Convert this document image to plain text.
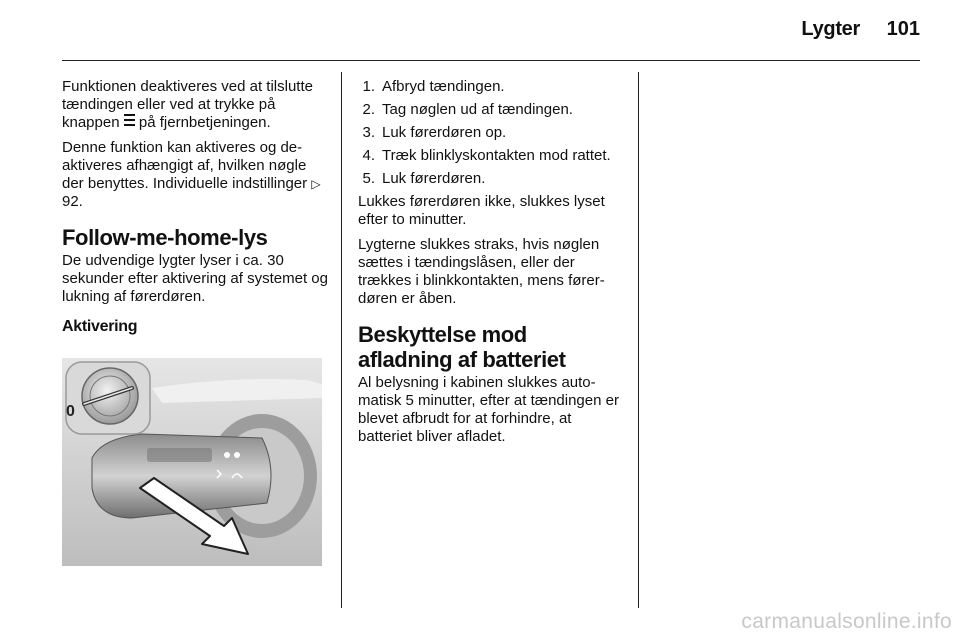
Lygter	101

Funktionen deaktiveres ved at tilslutte tændingen eller ved at trykke på knappen  på fjernbetjeningen.

Denne funktion kan aktiveres og deaktiveres afhængigt af, hvilken nøgle der benyttes. Individuelle indstillinger ▷ 92.

Follow-me-home-lys

De udvendige lygter lyser i ca. 30 sekunder efter aktivering af systemet og lukning af førerdøren.

Aktivering
0
1. Afbryd tændingen.
2. Tag nøglen ud af tændingen.
3. Luk førerdøren op.
4. Træk blinklyskontakten mod rattet.
5. Luk førerdøren.

Lukkes førerdøren ikke, slukkes lyset efter to minutter.

Lygterne slukkes straks, hvis nøglen sættes i tændingslåsen, eller der trækkes i blinkkontakten, mens førerdøren er åben.

Beskyttelse mod afladning af batteriet

Al belysning i kabinen slukkes automatisk 5 minutter, efter at tændingen er blevet afbrudt for at forhindre, at batteriet bliver afladet.

carmanualsonline.info
